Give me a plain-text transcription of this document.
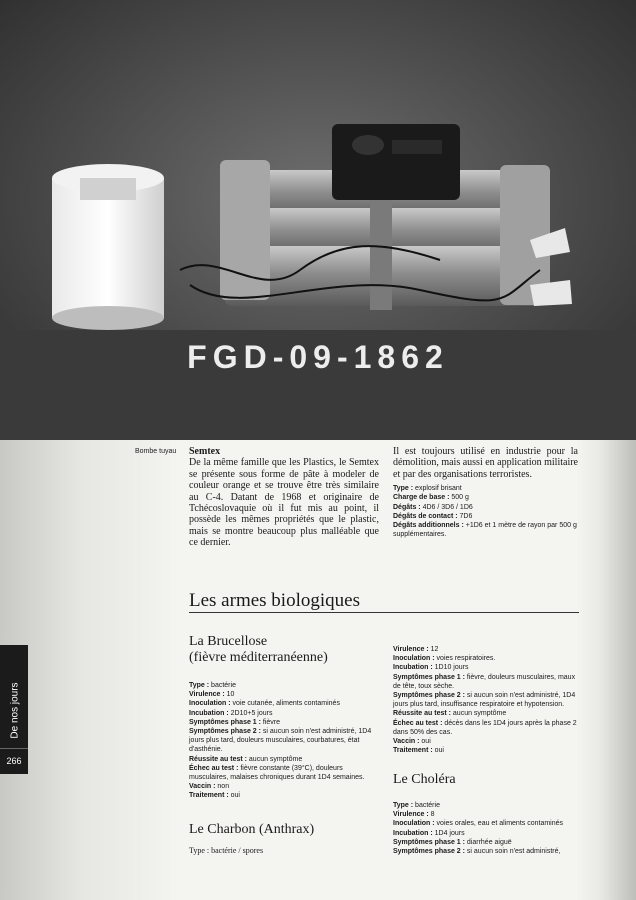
FGD-09-1862
De nos jours
266
Bombe tuyau Semtex
De la même famille que les Plastics, le Semtex se présente sous forme de pâte à modeler de couleur orange et se trouve être très similaire au C-4. Datant de 1968 et originaire de Tchécoslovaquie où il fut mis au point, il possède les mêmes propriétés que le plastic, mais se montre beaucoup plus malléable que ce dernier.
Il est toujours utilisé en industrie pour la démolition, mais aussi en application militaire et par des organisations terroristes.
Type : explosif brisant
Charge de base : 500 g
Dégâts : 4D6 / 3D6 / 1D6
Dégâts de contact : 7D6
Dégâts additionnels : +1D6 et 1 mètre de rayon par 500 g supplémentaires.
Les armes biologiques
La Brucellose
(fièvre méditerranéenne)
Type : bactérie
Virulence : 10
Inoculation : voie cutanée, aliments contaminés
Incubation : 2D10+5 jours
Symptômes phase 1 : fièvre
Symptômes phase 2 : si aucun soin n'est administré, 1D4 jours plus tard, douleurs musculaires, courbatures, état d'asthénie.
Réussite au test : aucun symptôme
Échec au test : fièvre constante (39°C), douleurs musculaires, malaises chroniques durant 1D4 semaines.
Vaccin : non
Traitement : oui
Virulence : 12
Inoculation : voies respiratoires.
Incubation : 1D10 jours
Symptômes phase 1 : fièvre, douleurs musculaires, maux de tête, toux sèche.
Symptômes phase 2 : si aucun soin n'est administré, 1D4 jours plus tard, insuffisance respiratoire et hypotension.
Réussite au test : aucun symptôme
Échec au test : décès dans les 1D4 jours après la phase 2 dans 50% des cas.
Vaccin : oui
Traitement : oui
Le Choléra
Type : bactérie
Virulence : 8
Inoculation : voies orales, eau et aliments contaminés
Incubation : 1D4 jours
Symptômes phase 1 : diarrhée aiguë
Symptômes phase 2 : si aucun soin n'est administré,
Le Charbon (Anthrax)
Type : bactérie / spores
